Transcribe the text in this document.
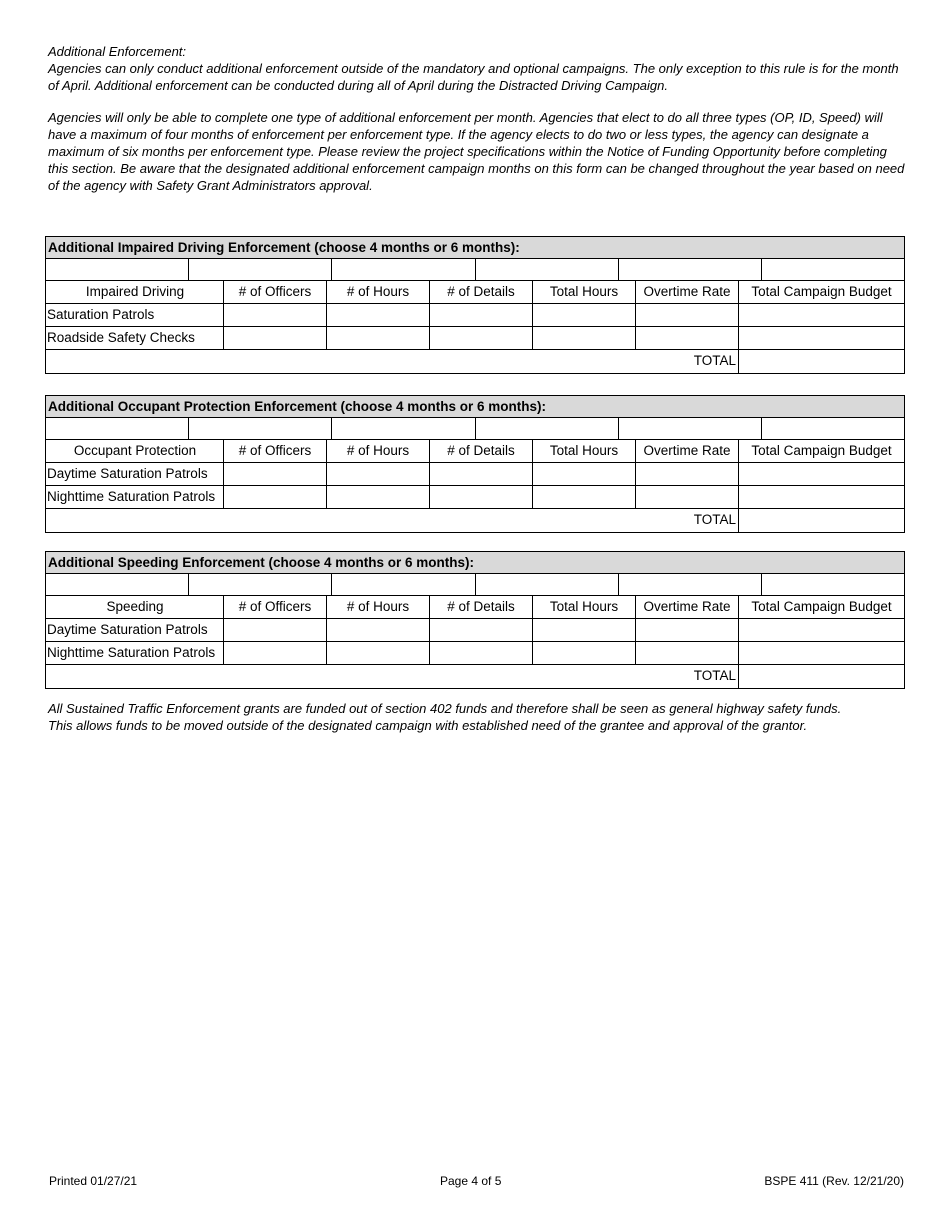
Additional Enforcement:
Agencies can only conduct additional enforcement outside of the mandatory and optional campaigns. The only exception to this rule is for the month of April. Additional enforcement can be conducted during all of April during the Distracted Driving Campaign.

Agencies will only be able to complete one type of additional enforcement per month. Agencies that elect to do all three types (OP, ID, Speed) will have a maximum of four months of enforcement per enforcement type. If the agency elects to do two or less types, the agency can designate a maximum of six months per enforcement type. Please review the project specifications within the Notice of Funding Opportunity before completing this section. Be aware that the designated additional enforcement campaign months on this form can be changed throughout the year based on need of the agency with Safety Grant Administrators approval.

Additional Impaired Driving Enforcement (choose 4 months or 6 months):
Impaired Driving	# of Officers	# of Hours	# of Details	Total Hours	Overtime Rate	Total Campaign Budget
Saturation Patrols
Roadside Safety Checks
TOTAL
Additional Occupant Protection Enforcement (choose 4 months or 6 months):
Occupant Protection	# of Officers	# of Hours	# of Details	Total Hours	Overtime Rate	Total Campaign Budget
Daytime Saturation Patrols
Nighttime Saturation Patrols
TOTAL
Additional Speeding Enforcement (choose 4 months or 6 months):
Speeding	# of Officers	# of Hours	# of Details	Total Hours	Overtime Rate	Total Campaign Budget
Daytime Saturation Patrols
Nighttime Saturation Patrols
TOTAL

All Sustained Traffic Enforcement grants are funded out of section 402 funds and therefore shall be seen as general highway safety funds.

This allows funds to be moved outside of the designated campaign with established need of the grantee and approval of the grantor.

Printed 01/27/21	Page 4 of 5	BSPE 411 (Rev. 12/21/20)
